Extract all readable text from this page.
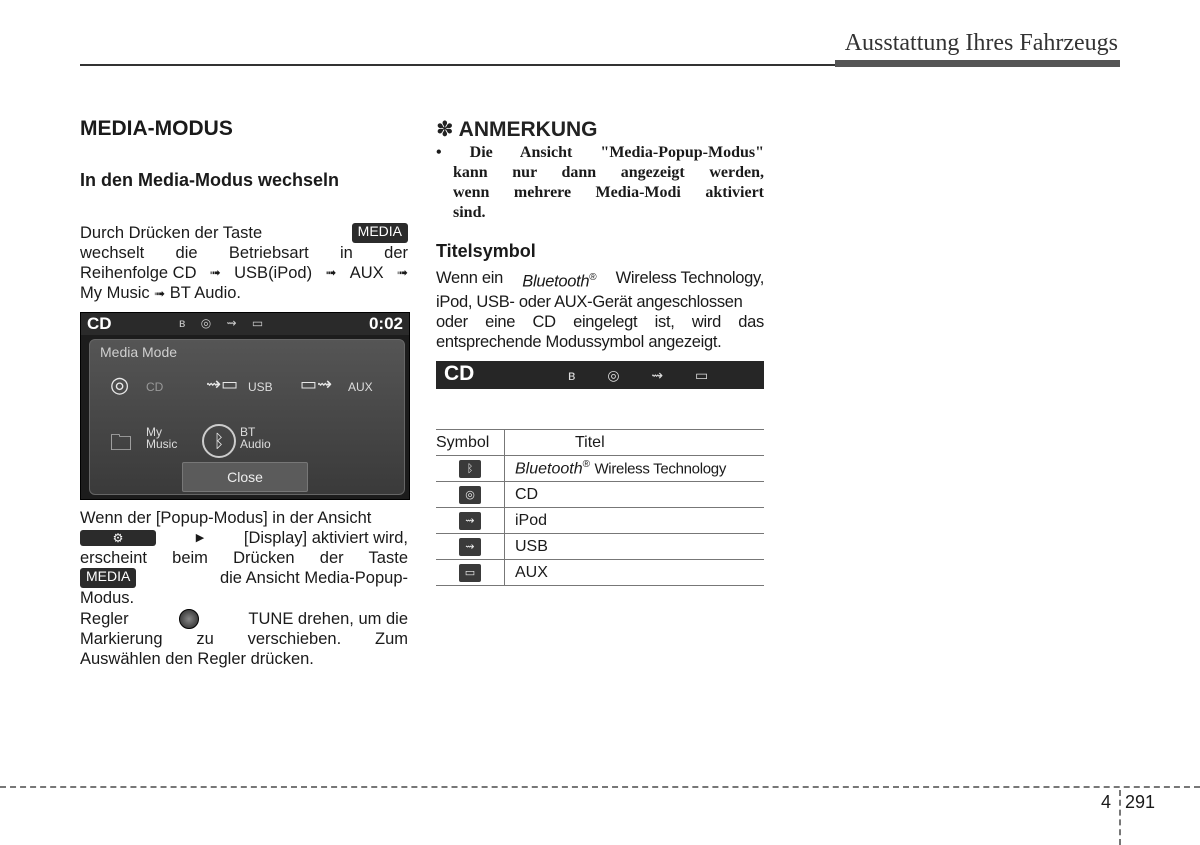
Ausstattung Ihres Fahrzeugs
MEDIA-MODUS
In den Media-Modus wechseln
Durch Drücken der Taste	MEDIA
wechselt die Betriebsart in der
Reihenfolge CD ➟ USB(iPod) ➟ AUX ➟
My Music ➟ BT Audio.
CD	ʙ ◎ ⇝ ▭	0:02
Media Mode
◎ CD ⇝▭ USB ▭⇝ AUX
🗀 My
Music	ᛒ	BT
Audio
Close
Wenn der [Popup-Modus] in der Ansicht
⚙	▶ [Display] aktiviert wird,
erscheint beim Drücken der Taste
MEDIA	die Ansicht Media-Popup-
Modus.
Regler	TUNE drehen, um die
Markierung zu verschieben. Zum
Auswählen den Regler drücken.
✽ ANMERKUNG
• Die Ansicht "Media-Popup-Modus"
kann nur dann angezeigt werden,
wenn mehrere Media-Modi aktiviert
sind.
Titelsymbol
Wenn ein Bluetooth® Wireless Technology,
iPod, USB- oder AUX-Gerät angeschlossen
oder eine CD eingelegt ist, wird das
entsprechende Modussymbol angezeigt.
CD	ʙ ◎ ⇝ ▭
Symbol	Titel
ᛒ	Bluetooth® Wireless Technology
◎	CD
⇝	iPod
⇝	USB
▭	AUX
4 291
